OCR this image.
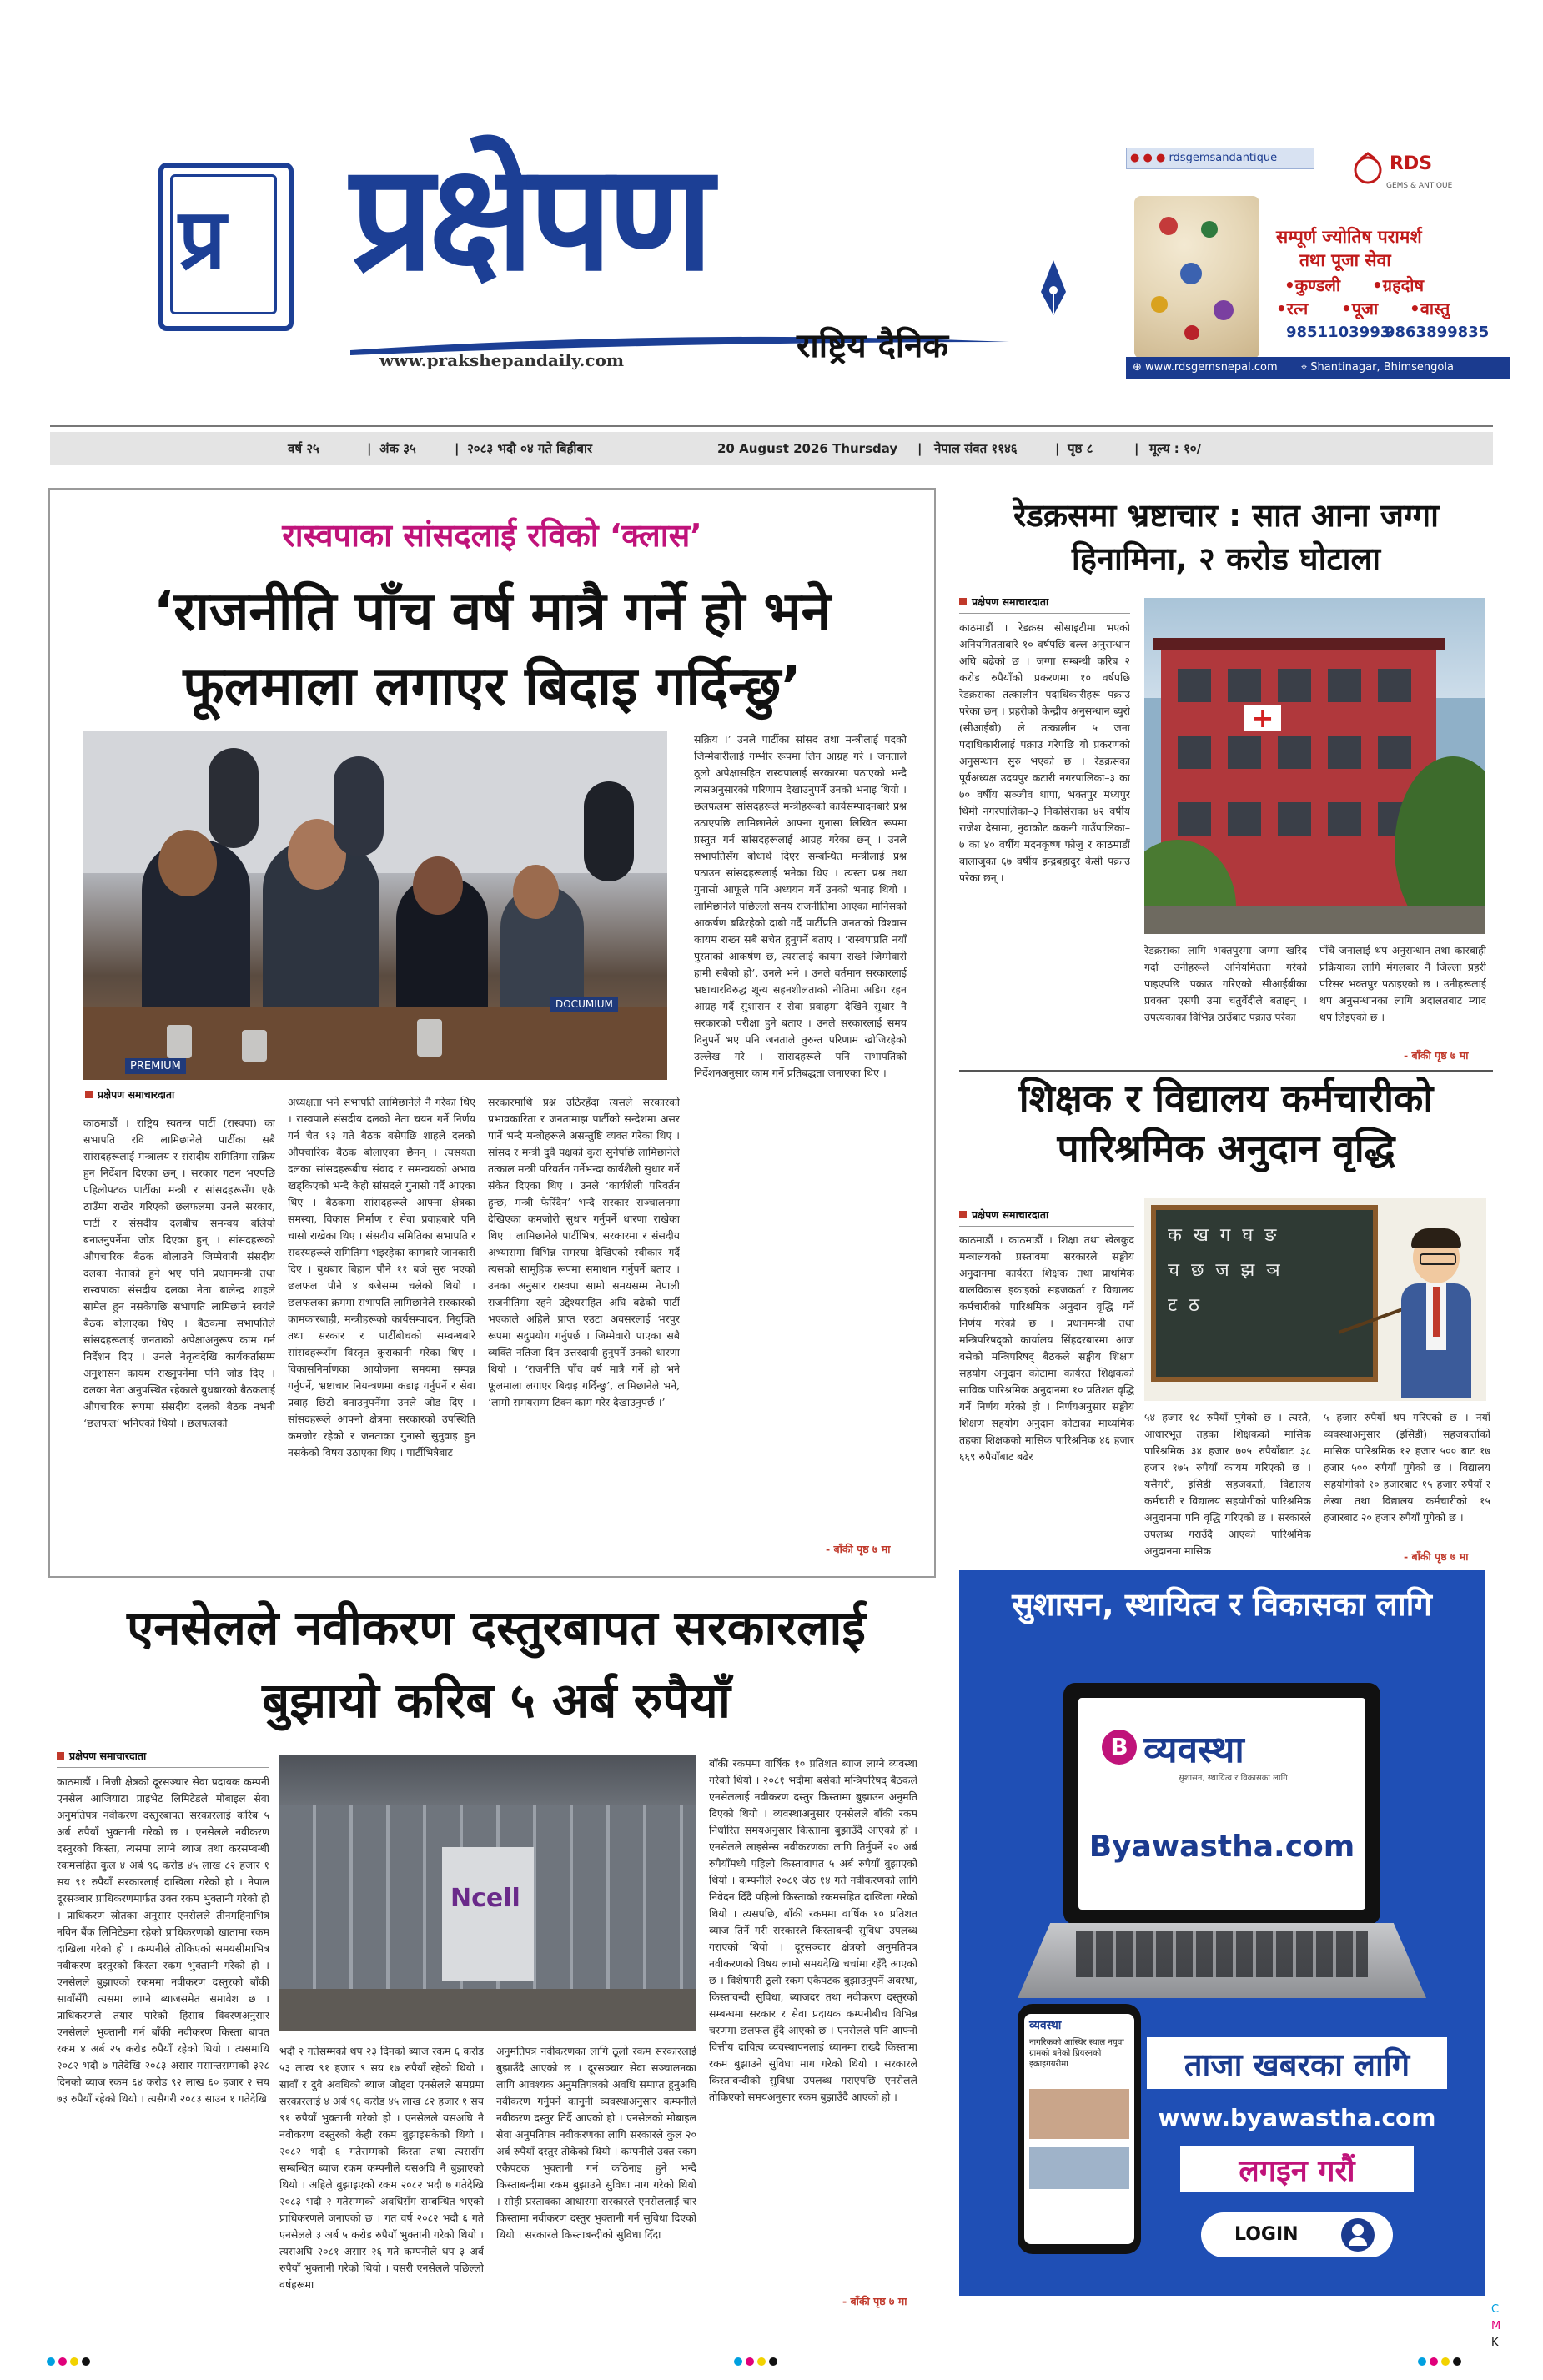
प्र प्रक्षेपण
www.prakshepandaily.com	राष्ट्रिय दैनिक
● ● ● rdsgemsandantique	RDS
GEMS & ANTIQUE
सम्पूर्ण ज्योतिष परामर्श
तथा पूजा सेवा
•कुण्डली •ग्रहदोष
•रत्न •पूजा •वास्तु
9851103993
9863899835
⊕ www.rdsgemsnepal.com ⌖ Shantinagar, Bhimsengola
वर्ष २५	| अंक ३५	| २०८३ भदौ ०४ गते बिहीबार	20 August 2026 Thursday | नेपाल संवत ११४६	| पृष्ठ ८	| मूल्य : १०/
रास्वपाका सांसदलाई रविको ‘क्लास’
‘राजनीति पाँच वर्ष मात्रै गर्ने हो भने
फूलमाला लगाएर बिदाइ गर्दिन्छु’
PREMIUM
DOCUMIUM
सक्रिय ।’ उनले पार्टीका सांसद तथा मन्त्रीलाई पदको जिम्मेवारीलाई गम्भीर रूपमा लिन आग्रह गरे । जनताले ठूलो अपेक्षासहित रास्वपालाई सरकारमा पठाएको भन्दै त्यसअनुसारको परिणाम देखाउनुपर्ने उनको भनाइ थियो । छलफलमा सांसदहरूले मन्त्रीहरूको कार्यसम्पादनबारे प्रश्न उठाएपछि लामिछानेले आफ्ना गुनासा लिखित रूपमा प्रस्तुत गर्न सांसदहरूलाई आग्रह गरेका छन् । उनले सभापतिसँग बोधार्थ दिएर सम्बन्धित मन्त्रीलाई प्रश्न पठाउन सांसदहरूलाई भनेका थिए । त्यस्ता प्रश्न तथा गुनासो आफूले पनि अध्ययन गर्ने उनको भनाइ थियो । लामिछानेले पछिल्लो समय राजनीतिमा आएका मानिसको आकर्षण बढिरहेको दाबी गर्दै पार्टीप्रति जनताको विश्वास कायम राख्न सबै सचेत हुनुपर्ने बताए । ‘रास्वपाप्रति नयाँ पुस्ताको आकर्षण छ, त्यसलाई कायम राख्ने जिम्मेवारी हामी सबैको हो’, उनले भने । उनले वर्तमान सरकारलाई भ्रष्टाचारविरुद्ध शून्य सहनशीलताको नीतिमा अडिग रहन आग्रह गर्दै सुशासन र सेवा प्रवाहमा देखिने सुधार नै सरकारको परीक्षा हुने बताए । उनले सरकारलाई समय दिनुपर्ने भए पनि जनताले तुरुन्त परिणाम खोजिरहेको उल्लेख गरे । सांसदहरूले पनि सभापतिको निर्देशनअनुसार काम गर्ने प्रतिबद्धता जनाएका थिए ।
प्रक्षेपण समाचारदाता
काठमाडौं । राष्ट्रिय स्वतन्त्र पार्टी (रास्वपा) का सभापति रवि लामिछानेले पार्टीका सबै सांसदहरूलाई मन्त्रालय र संसदीय समितिमा सक्रिय हुन निर्देशन दिएका छन् । सरकार गठन भएपछि पहिलोपटक पार्टीका मन्त्री र सांसदहरूसँग एकै ठाउँमा राखेर गरिएको छलफलमा उनले सरकार, पार्टी र संसदीय दलबीच समन्वय बलियो बनाउनुपर्नेमा जोड दिएका हुन् । सांसदहरूको औपचारिक बैठक बोलाउने जिम्मेवारी संसदीय दलका नेताको हुने भए पनि प्रधानमन्त्री तथा रास्वपाका संसदीय दलका नेता बालेन्द्र शाहले सामेल हुन नसकेपछि सभापति लामिछाने स्वयंले बैठक बोलाएका थिए । बैठकमा सभापतिले सांसदहरूलाई जनताको अपेक्षाअनुरूप काम गर्न निर्देशन दिए । उनले नेतृत्वदेखि कार्यकर्तासम्म अनुशासन कायम राख्नुपर्नेमा पनि जोड दिए । दलका नेता अनुपस्थित रहेकाले बुधबारको बैठकलाई औपचारिक रूपमा संसदीय दलको बैठक नभनी ‘छलफल’ भनिएको थियो । छलफलको
अध्यक्षता भने सभापति लामिछानेले नै गरेका थिए । रास्वपाले संसदीय दलको नेता चयन गर्ने निर्णय गर्न चैत १३ गते बैठक बसेपछि शाहले दलको औपचारिक बैठक बोलाएका छैनन् । त्यसयता दलका सांसदहरूबीच संवाद र समन्वयको अभाव खड्किएको भन्दै केही सांसदले गुनासो गर्दै आएका थिए । बैठकमा सांसदहरूले आफ्ना क्षेत्रका समस्या, विकास निर्माण र सेवा प्रवाहबारे पनि चासो राखेका थिए । संसदीय समितिका सभापति र सदस्यहरूले समितिमा भइरहेका कामबारे जानकारी दिए । बुधबार बिहान पौने ११ बजे सुरु भएको छलफल पौने ४ बजेसम्म चलेको थियो । छलफलका क्रममा सभापति लामिछानेले सरकारको कामकारबाही, मन्त्रीहरूको कार्यसम्पादन, नियुक्ति तथा सरकार र पार्टीबीचको सम्बन्धबारे सांसदहरूसँग विस्तृत कुराकानी गरेका थिए । विकासनिर्माणका आयोजना समयमा सम्पन्न गर्नुपर्ने, भ्रष्टाचार नियन्त्रणमा कडाइ गर्नुपर्ने र सेवा प्रवाह छिटो बनाउनुपर्नेमा उनले जोड दिए । सांसदहरूले आफ्नो क्षेत्रमा सरकारको उपस्थिति कमजोर रहेको र जनताका गुनासो सुनुवाइ हुन नसकेको विषय उठाएका थिए । पार्टीभित्रैबाट
सरकारमाथि प्रश्न उठिरहँदा त्यसले सरकारको प्रभावकारिता र जनतामाझ पार्टीको सन्देशमा असर पार्ने भन्दै मन्त्रीहरूले असन्तुष्टि व्यक्त गरेका थिए । सांसद र मन्त्री दुवै पक्षको कुरा सुनेपछि लामिछानेले तत्काल मन्त्री परिवर्तन गर्नेभन्दा कार्यशैली सुधार गर्ने संकेत दिएका थिए । उनले ‘कार्यशैली परिवर्तन हुन्छ, मन्त्री फेरिँदैन’ भन्दै सरकार सञ्चालनमा देखिएका कमजोरी सुधार गर्नुपर्ने धारणा राखेका थिए । लामिछानेले पार्टीभित्र, सरकारमा र संसदीय अभ्यासमा विभिन्न समस्या देखिएको स्वीकार गर्दै त्यसको सामूहिक रूपमा समाधान गर्नुपर्ने बताए । उनका अनुसार रास्वपा सामो समयसम्म नेपाली राजनीतिमा रहने उद्देश्यसहित अघि बढेको पार्टी भएकाले अहिले प्राप्त एउटा अवसरलाई भरपुर रूपमा सदुपयोग गर्नुपर्छ । जिम्मेवारी पाएका सबै व्यक्ति नतिजा दिन उत्तरदायी हुनुपर्ने उनको धारणा थियो । ‘राजनीति पाँच वर्ष मात्रै गर्ने हो भने फूलमाला लगाएर बिदाइ गर्दिन्छु’, लामिछानेले भने, ‘लामो समयसम्म टिक्न काम गरेर देखाउनुपर्छ ।’
- बाँकी पृष्ठ ७ मा
रेडक्रसमा भ्रष्टाचार : सात आना जग्गा
हिनामिना, २ करोड घोटाला
प्रक्षेपण समाचारदाता
काठमाडौं । रेडक्रस सोसाइटीमा भएको अनियमितताबारे १० वर्षपछि बल्ल अनुसन्धान अघि बढेको छ । जग्गा सम्बन्धी करिब २ करोड रुपैयाँको प्रकरणमा १० वर्षपछि रेडक्रसका तत्कालीन पदाधिकारीहरू पक्राउ परेका छन् । प्रहरीको केन्द्रीय अनुसन्धान ब्युरो (सीआईबी) ले तत्कालीन ५ जना पदाधिकारीलाई पक्राउ गरेपछि यो प्रकरणको अनुसन्धान सुरु भएको छ । रेडक्रसका पूर्वअध्यक्ष उदयपुर कटारी नगरपालिका–३ का ७० वर्षीय सञ्जीव थापा, भक्तपुर मध्यपुर थिमी नगरपालिका–३ निकोसेराका ४२ वर्षीय राजेश देसामा, नुवाकोट ककनी गाउँपालिका–७ का ४० वर्षीय मदनकृष्ण फोजु र काठमाडौं बालाजुका ६७ वर्षीय इन्द्रबहादुर केसी पक्राउ परेका छन् ।
+
रेडक्रसका लागि भक्तपुरमा जग्गा खरिद गर्दा उनीहरूले अनियमितता गरेको पाइएपछि पक्राउ गरिएको सीआईबीका प्रवक्ता एसपी उमा चतुर्वेदीले बताइन् । उपत्यकाका विभिन्न ठाउँबाट पक्राउ परेका
पाँचै जनालाई थप अनुसन्धान तथा कारबाही प्रक्रियाका लागि मंगलबार नै जिल्ला प्रहरी परिसर भक्तपुर पठाइएको छ । उनीहरूलाई थप अनुसन्धानका लागि अदालतबाट म्याद थप लिइएको छ ।
- बाँकी पृष्ठ ७ मा
शिक्षक र विद्यालय कर्मचारीको
पारिश्रमिक अनुदान वृद्धि
प्रक्षेपण समाचारदाता
काठमाडौं । काठमाडौं । शिक्षा तथा खेलकुद मन्त्रालयको प्रस्तावमा सरकारले सङ्घीय अनुदानमा कार्यरत शिक्षक तथा प्राथमिक बालविकास इकाइको सहजकर्ता र विद्यालय कर्मचारीको पारिश्रमिक अनुदान वृद्धि गर्ने निर्णय गरेको छ । प्रधानमन्त्री तथा मन्त्रिपरिषद्को कार्यालय सिंहदरबारमा आज बसेको मन्त्रिपरिषद् बैठकले सङ्घीय शिक्षण सहयोग अनुदान कोटामा कार्यरत शिक्षकको साविक पारिश्रमिक अनुदानमा १० प्रतिशत वृद्धि गर्ने निर्णय गरेको हो । निर्णयअनुसार सङ्घीय शिक्षण सहयोग अनुदान कोटाका माध्यमिक तहका शिक्षकको मासिक पारिश्रमिक ४६ हजार ६६९ रुपैयाँबाट बढेर
क  ख  ग  घ  ङ
च  छ  ज  झ  ञ
ट  ठ
५४ हजार १८ रुपैयाँ पुगेको छ । त्यस्तै, आधारभूत तहका शिक्षकको मासिक पारिश्रमिक ३४ हजार ७०५ रुपैयाँबाट ३८ हजार १७५ रुपैयाँ कायम गरिएको छ । यसैगरी, इसिडी सहजकर्ता, विद्यालय कर्मचारी र विद्यालय सहयोगीको पारिश्रमिक अनुदानमा पनि वृद्धि गरिएको छ । सरकारले उपलब्ध गराउँदै आएको पारिश्रमिक अनुदानमा मासिक
५ हजार रुपैयाँ थप गरिएको छ । नयाँ व्यवस्थाअनुसार (इसिडी) सहजकर्ताको मासिक पारिश्रमिक १२ हजार ५०० बाट १७ हजार ५०० रुपैयाँ पुगेको छ । विद्यालय सहयोगीको १० हजारबाट १५ हजार रुपैयाँ र लेखा तथा विद्यालय कर्मचारीको १५ हजारबाट २० हजार रुपैयाँ पुगेको छ ।
- बाँकी पृष्ठ ७ मा
सुशासन, स्थायित्व र विकासका लागि
B व्यवस्था
सुशासन, स्थायित्व र विकासका लागि
Byawastha.com
व्यवस्था
नागरिकको आस्थिर स्थाल नयुवा ग्रामको बनेको प्रियरनको इकाइगयरीमा	ताजा खबरका लागि
www.byawastha.com
लगइन गरौं
LOGIN
एनसेलले नवीकरण दस्तुरबापत सरकारलाई
बुझायो करिब ५ अर्ब रुपैयाँ
प्रक्षेपण समाचारदाता
काठमाडौं । निजी क्षेत्रको दूरसञ्चार सेवा प्रदायक कम्पनी एनसेल आजियाटा प्राइभेट लिमिटेडले मोबाइल सेवा अनुमतिपत्र नवीकरण दस्तुरबापत सरकारलाई करिब ५ अर्ब रुपैयाँ भुक्तानी गरेको छ । एनसेलले नवीकरण दस्तुरको किस्ता, त्यसमा लाग्ने ब्याज तथा करसम्बन्धी रकमसहित कुल ४ अर्ब ९६ करोड ४५ लाख ८२ हजार १ सय ९१ रुपैयाँ सरकारलाई दाखिला गरेको हो । नेपाल दूरसञ्चार प्राधिकरणमार्फत उक्त रकम भुक्तानी गरेको हो । प्राधिकरण स्रोतका अनुसार एनसेलले तीनमहिनाभित्र नविन बैंक लिमिटेडमा रहेको प्राधिकरणको खातामा रकम दाखिला गरेको हो । कम्पनीले तोकिएको समयसीमाभित्र नवीकरण दस्तुरको किस्ता रकम भुक्तानी गरेको हो । एनसेलले बुझाएको रकममा नवीकरण दस्तुरको बाँकी सावाँसँगै त्यसमा लाग्ने ब्याजसमेत समावेश छ । प्राधिकरणले तयार पारेको हिसाब विवरणअनुसार एनसेलले भुक्तानी गर्न बाँकी नवीकरण किस्ता बापत रकम ४ अर्ब २५ करोड रुपैयाँ रहेको थियो । त्यसमाथि २०८२ भदौ ७ गतेदेखि २०८३ असार मसान्तसम्मको ३२८ दिनको ब्याज रकम ६४ करोड ९२ लाख ६० हजार २ सय ७३ रुपैयाँ रहेको थियो । त्यसैगरी २०८३ साउन १ गतेदेखि
Ncell
बाँकी रकममा वार्षिक १० प्रतिशत ब्याज लाग्ने व्यवस्था गरेको थियो । २०८१ भदौमा बसेको मन्त्रिपरिषद् बैठकले एनसेललाई नवीकरण दस्तुर किस्तामा बुझाउन अनुमति दिएको थियो । व्यवस्थाअनुसार एनसेलले बाँकी रकम निर्धारित समयअनुसार किस्तामा बुझाउँदै आएको हो । एनसेलले लाइसेन्स नवीकरणका लागि तिर्नुपर्ने २० अर्ब रुपैयाँमध्ये पहिलो किस्तावापत ५ अर्ब रुपैयाँ बुझाएको थियो । कम्पनीले २०८१ जेठ १४ गते नवीकरणको लागि निवेदन दिँदै पहिलो किस्ताको रकमसहित दाखिला गरेको थियो । त्यसपछि, बाँकी रकममा वार्षिक १० प्रतिशत ब्याज तिर्ने गरी सरकारले किस्ताबन्दी सुविधा उपलब्ध गराएको थियो । दूरसञ्चार क्षेत्रको अनुमतिपत्र नवीकरणको विषय लामो समयदेखि चर्चामा रहँदै आएको छ । विशेषगरी ठूलो रकम एकैपटक बुझाउनुपर्ने अवस्था, किस्तावन्दी सुविधा, ब्याजदर तथा नवीकरण दस्तुरको सम्बन्धमा सरकार र सेवा प्रदायक कम्पनीबीच विभिन्न चरणमा छलफल हुँदै आएको छ । एनसेलले पनि आफ्नो वित्तीय दायित्व व्यवस्थापनलाई ध्यानमा राख्दै किस्तामा रकम बुझाउने सुविधा माग गरेको थियो । सरकारले किस्तावन्दीको सुविधा उपलब्ध गराएपछि एनसेलले तोकिएको समयअनुसार रकम बुझाउँदै आएको हो ।
भदौ २ गतेसम्मको थप २३ दिनको ब्याज रकम ६ करोड ५३ लाख ९१ हजार ९ सय १७ रुपैयाँ रहेको थियो । सावाँ र दुवै अवधिको ब्याज जोड्दा एनसेलले समग्रमा सरकारलाई ४ अर्ब ९६ करोड ४५ लाख ८२ हजार १ सय ९१ रुपैयाँ भुक्तानी गरेको हो । एनसेलले यसअघि नै नवीकरण दस्तुरको केही रकम बुझाइसकेको थियो । २०८२ भदौ ६ गतेसम्मको किस्ता तथा त्यससँग सम्बन्धित ब्याज रकम कम्पनीले यसअघि नै बुझाएको थियो । अहिले बुझाइएको रकम २०८२ भदौ ७ गतेदेखि २०८३ भदौ २ गतेसम्मको अवधिसँग सम्बन्धित भएको प्राधिकरणले जनाएको छ । गत वर्ष २०८२ भदौ ६ गते एनसेलले ३ अर्ब ५ करोड रुपैयाँ भुक्तानी गरेको थियो । त्यसअघि २०८१ असार २६ गते कम्पनीले थप ३ अर्ब रुपैयाँ भुक्तानी गरेको थियो । यसरी एनसेलले पछिल्लो वर्षहरूमा
अनुमतिपत्र नवीकरणका लागि ठूलो रकम सरकारलाई बुझाउँदै आएको छ । दूरसञ्चार सेवा सञ्चालनका लागि आवश्यक अनुमतिपत्रको अवधि समाप्त हुनुअघि नवीकरण गर्नुपर्ने कानुनी व्यवस्थाअनुसार कम्पनीले नवीकरण दस्तुर तिर्दै आएको हो । एनसेलको मोबाइल सेवा अनुमतिपत्र नवीकरणका लागि सरकारले कुल २० अर्ब रुपैयाँ दस्तुर तोकेको थियो । कम्पनीले उक्त रकम एकैपटक भुक्तानी गर्न कठिनाइ हुने भन्दै किस्ताबन्दीमा रकम बुझाउने सुविधा माग गरेको थियो । सोही प्रस्तावका आधारमा सरकारले एनसेललाई चार किस्तामा नवीकरण दस्तुर भुक्तानी गर्न सुविधा दिएको थियो । सरकारले किस्ताबन्दीको सुविधा दिँदा
- बाँकी पृष्ठ ७ मा
C
M
K
